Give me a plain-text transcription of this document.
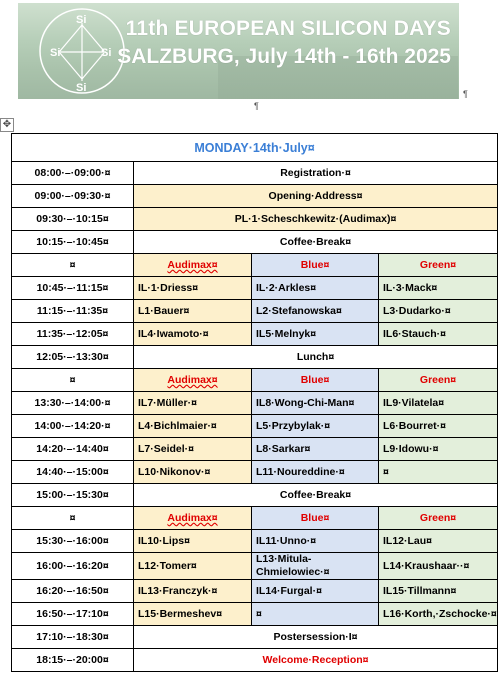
Si
Si	Si
Si
11th EUROPEAN SILICON DAYS
SALZBURG, July 14th - 16th 2025
¶
¶
✥
MONDAY·14th·July¤			
08:00·–·09:00·¤	Registration·¤		
09:00·–·09:30·¤	Opening·Address¤		
09:30·–·10:15¤	PL·1·Scheschkewitz·(Audimax)¤		
10:15·–·10:45¤	Coffee·Break¤		
¤	Audimax¤	Blue¤	Green¤
10:45·–·11:15¤	IL·1·Driess¤	IL·2·Arkles¤	IL·3·Mack¤
11:15·–·11:35¤	L1·Bauer¤	L2·Stefanowska¤	L3·Dudarko·¤
11:35·–·12:05¤	IL4·Iwamoto·¤	IL5·Melnyk¤	IL6·Stauch·¤
12:05·–·13:30¤	Lunch¤		
¤	Audimax¤	Blue¤	Green¤
13:30·–·14:00·¤	IL7·Müller·¤	IL8·Wong-Chi-Man¤	IL9·Vilatela¤
14:00·–·14:20·¤	L4·Bichlmaier·¤	L5·Przybylak·¤	L6·Bourret·¤
14:20·–·14:40¤	L7·Seidel·¤	L8·Sarkar¤	L9·Idowu·¤
14:40·–·15:00¤	L10·Nikonov·¤	L11·Noureddine·¤	¤
15:00·–·15:30¤	Coffee·Break¤		
¤	Audimax¤	Blue¤	Green¤
15:30·–·16:00¤	IL10·Lips¤	IL11·Unno·¤	IL12·Lau¤
16:00·–·16:20¤	L12·Tomer¤	L13·Mitula-Chmielowiec·¤	L14·Kraushaar··¤
16:20·–·16:50¤	IL13·Franczyk·¤	IL14·Furgal·¤	IL15·Tillmann¤
16:50·–·17:10¤	L15·Bermeshev¤	¤	L16·Korth,·Zschocke·¤
17:10·–·18:30¤	Postersession·I¤		
18:15·–·20:00¤	Welcome·Reception¤		
